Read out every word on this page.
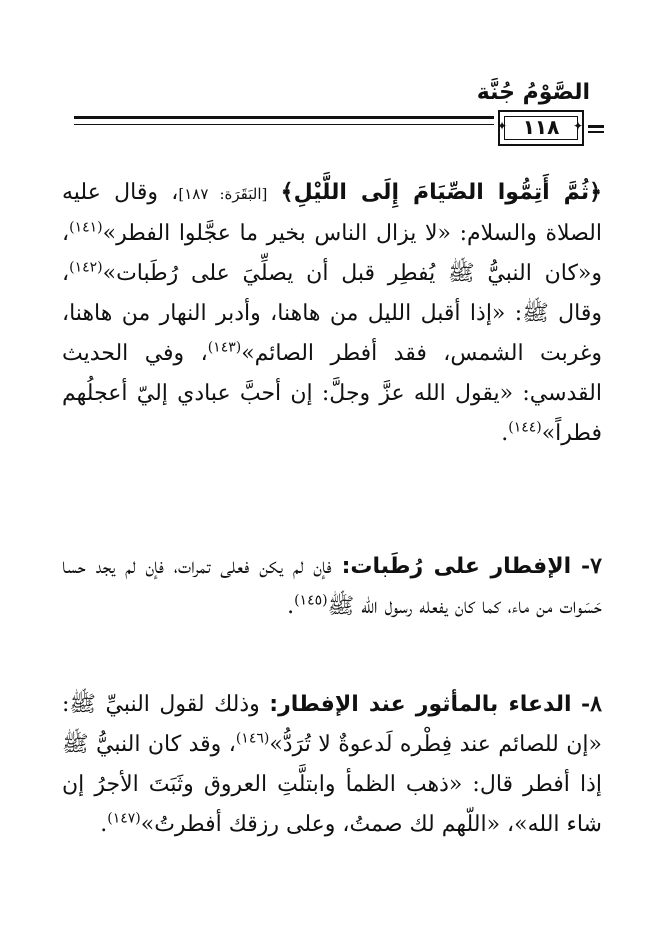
الصَّوْمُ جُنَّة
١١٨
✦	✦
﴿ثُمَّ أَتِمُّوا الصِّيَامَ إِلَى اللَّيْلِ﴾ [البَقَرَة: ١٨٧]، وقال عليه الصلاة والسلام: «لا يزال الناس بخير ما عجَّلوا الفطر»$^{(١٤١)}$، و«كان النبيُّ ﷺ يُفطِر قبل أن يصلِّيَ على رُطَبات»$^{(١٤٢)}$، وقال ﷺ: «إذا أقبل الليل من هاهنا، وأدبر النهار من هاهنا، وغربت الشمس، فقد أفطر الصائم»$^{(١٤٣)}$، وفي الحديث القدسي: «يقول الله عزَّ وجلَّ: إن أحبَّ عبادي إليّ أعجلُهم فطراً»$^{(١٤٤)}$.
٧- الإفطار على رُطَبات: فإن لم يكن فعلى تمرات، فإن لم يجد حسا حَسَوات من ماء، كما كان يفعله رسول الله ﷺ$^{(١٤٥)}$.
٨- الدعاء بالمأثور عند الإفطار: وذلك لقول النبيِّ ﷺ: «إن للصائم عند فِطْره لَدعوةٌ لا تُرَدُّ»$^{(١٤٦)}$، وقد كان النبيُّ ﷺ إذا أفطر قال: «ذهب الظمأ وابتلَّتِ العروق وثَبَتَ الأجرُ إن شاء الله»، «اللّهم لك صمتُ، وعلى رزقك أفطرتُ»$^{(١٤٧)}$.
